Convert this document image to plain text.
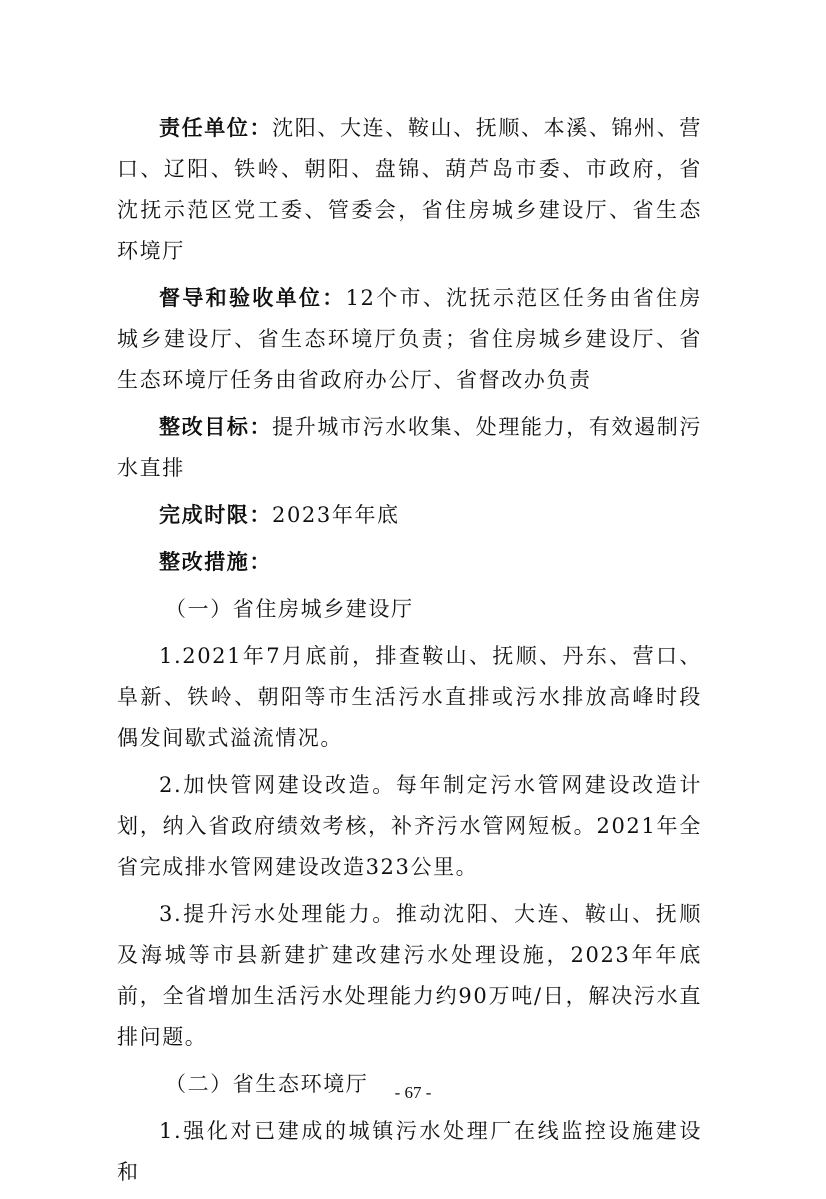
责任单位：沈阳、大连、鞍山、抚顺、本溪、锦州、营口、辽阳、铁岭、朝阳、盘锦、葫芦岛市委、市政府，省沈抚示范区党工委、管委会，省住房城乡建设厅、省生态环境厅

督导和验收单位：12个市、沈抚示范区任务由省住房城乡建设厅、省生态环境厅负责；省住房城乡建设厅、省生态环境厅任务由省政府办公厅、省督改办负责

整改目标：提升城市污水收集、处理能力，有效遏制污水直排

完成时限：2023年年底

整改措施：

（一）省住房城乡建设厅

1.2021年7月底前，排查鞍山、抚顺、丹东、营口、阜新、铁岭、朝阳等市生活污水直排或污水排放高峰时段偶发间歇式溢流情况。

2.加快管网建设改造。每年制定污水管网建设改造计划，纳入省政府绩效考核，补齐污水管网短板。2021年全省完成排水管网建设改造323公里。

3.提升污水处理能力。推动沈阳、大连、鞍山、抚顺及海城等市县新建扩建改建污水处理设施，2023年年底前，全省增加生活污水处理能力约90万吨/日，解决污水直排问题。

（二）省生态环境厅

1.强化对已建成的城镇污水处理厂在线监控设施建设和

- 67 -
